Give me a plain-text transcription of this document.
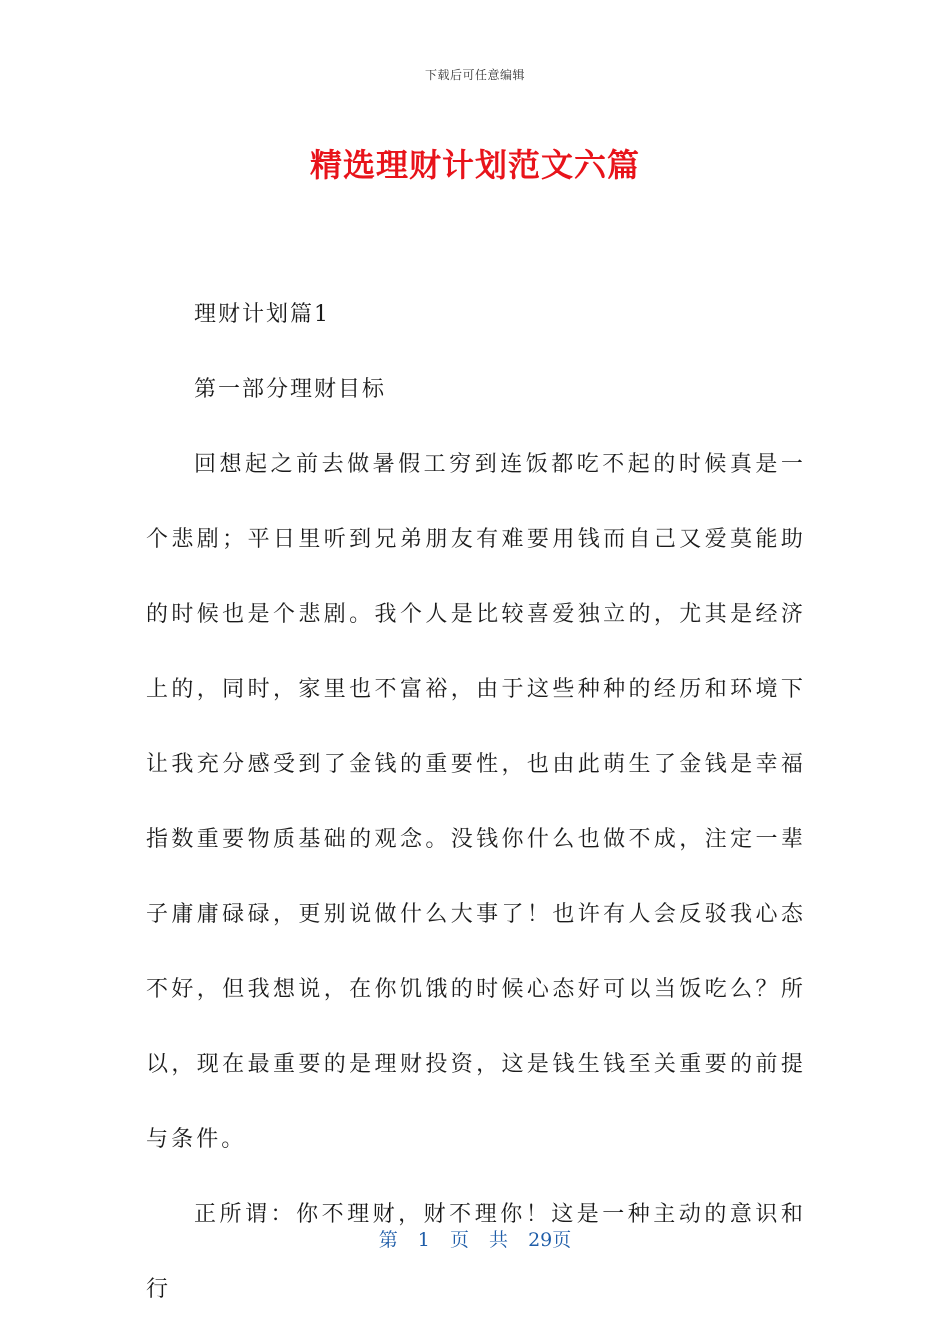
下载后可任意编辑
精选理财计划范文六篇

理财计划篇1

第一部分理财目标

回想起之前去做暑假工穷到连饭都吃不起的时候真是一个悲剧；平日里听到兄弟朋友有难要用钱而自己又爱莫能助的时候也是个悲剧。我个人是比较喜爱独立的，尤其是经济上的，同时，家里也不富裕，由于这些种种的经历和环境下让我充分感受到了金钱的重要性，也由此萌生了金钱是幸福指数重要物质基础的观念。没钱你什么也做不成，注定一辈子庸庸碌碌，更别说做什么大事了！也许有人会反驳我心态不好，但我想说，在你饥饿的时候心态好可以当饭吃么？所以，现在最重要的是理财投资，这是钱生钱至关重要的前提与条件。

正所谓：你不理财，财不理你！这是一种主动的意识和行

第 1 页 共 29页
